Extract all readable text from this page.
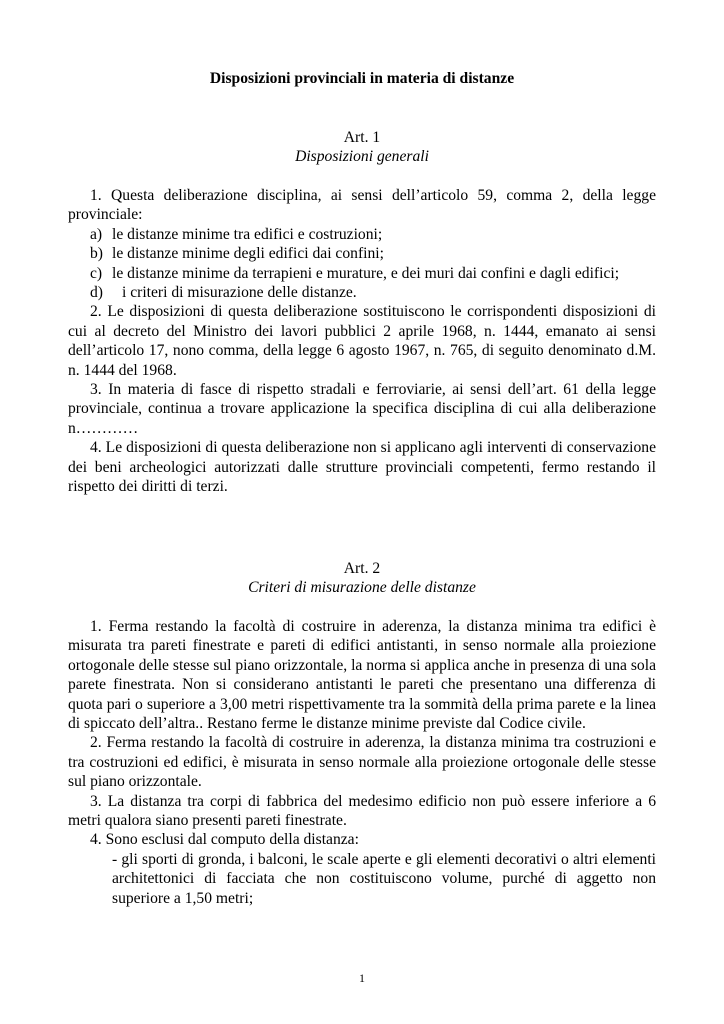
Disposizioni provinciali in materia di distanze
Art. 1
Disposizioni generali

1. Questa deliberazione disciplina, ai sensi dell’articolo 59, comma 2, della legge provinciale:

a) le distanze minime tra edifici e costruzioni;
b) le distanze minime degli edifici dai confini;
c) le distanze minime da terrapieni e murature, e dei muri dai confini e dagli edifici;
d)	i criteri di misurazione delle distanze.

2. Le disposizioni di questa deliberazione sostituiscono le corrispondenti disposizioni di cui al decreto del Ministro dei lavori pubblici 2 aprile 1968, n. 1444, emanato ai sensi dell’articolo 17, nono comma, della legge 6 agosto 1967, n. 765, di seguito denominato d.M. n. 1444 del 1968.

3. In materia di fasce di rispetto stradali e ferroviarie, ai sensi dell’art. 61 della legge provinciale, continua a trovare applicazione la specifica disciplina di cui alla deliberazione n…………

4. Le disposizioni di questa deliberazione non si applicano agli interventi di conservazione dei beni archeologici autorizzati dalle strutture provinciali competenti, fermo restando il rispetto dei diritti di terzi.

Art. 2
Criteri di misurazione delle distanze

1. Ferma restando la facoltà di costruire in aderenza, la distanza minima tra edifici è misurata tra pareti finestrate e pareti di edifici antistanti, in senso normale alla proiezione ortogonale delle stesse sul piano orizzontale, la norma si applica anche in presenza di una sola parete finestrata. Non si considerano antistanti le pareti che presentano una differenza di quota pari o superiore a 3,00 metri rispettivamente tra la sommità della prima parete e la linea di spiccato dell’altra.. Restano ferme le distanze minime previste dal Codice civile.

2. Ferma restando la facoltà di costruire in aderenza, la distanza minima tra costruzioni e tra costruzioni ed edifici, è misurata in senso normale alla proiezione ortogonale delle stesse sul piano orizzontale.

3. La distanza tra corpi di fabbrica del medesimo edificio non può essere inferiore a 6 metri qualora siano presenti pareti finestrate.

4. Sono esclusi dal computo della distanza:

- gli sporti di gronda, i balconi, le scale aperte e gli elementi decorativi o altri elementi architettonici di facciata che non costituiscono volume, purché di aggetto non superiore a 1,50 metri;

1
